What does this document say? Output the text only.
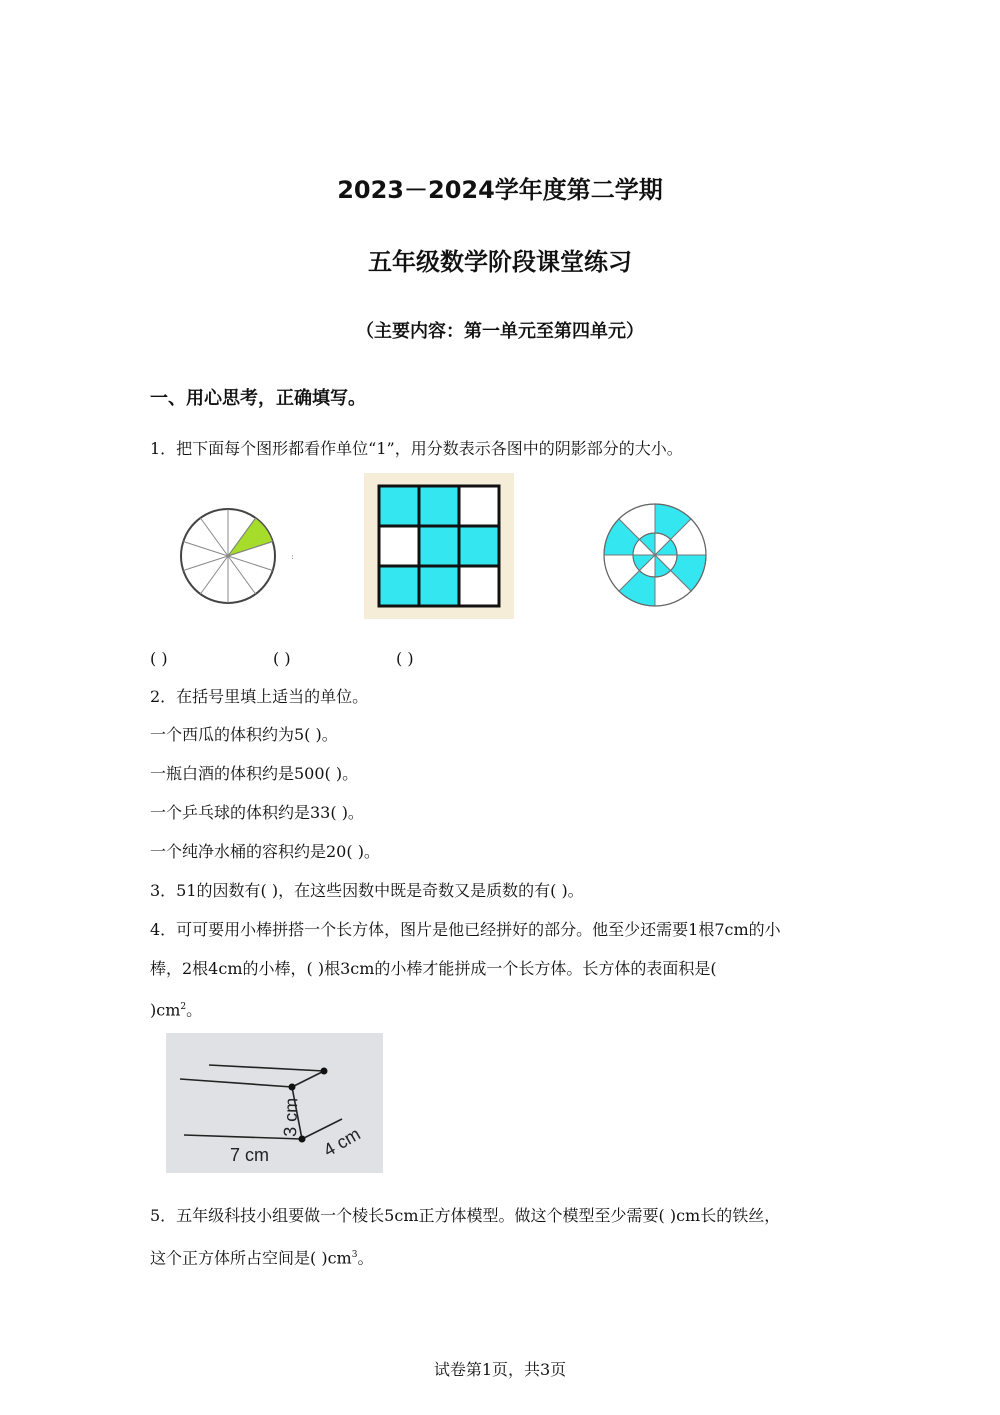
2023－2024学年度第二学期
五年级数学阶段课堂练习
（主要内容：第一单元至第四单元）
一、用心思考，正确填写。
1．把下面每个图形都看作单位“1”，用分数表示各图中的阴影部分的大小。
:
( )	( )	( )
2．在括号里填上适当的单位。
一个西瓜的体积约为5( )。
一瓶白酒的体积约是500( )。
一个乒乓球的体积约是33( )。
一个纯净水桶的容积约是20( )。
3．51的因数有( )，在这些因数中既是奇数又是质数的有( )。
4．可可要用小棒拼搭一个长方体，图片是他已经拼好的部分。他至少还需要1根7cm的小
棒，2根4cm的小棒，( )根3cm的小棒才能拼成一个长方体。长方体的表面积是(
)$cm^2$。
7 cm	4 cm
3 cm
5．五年级科技小组要做一个棱长5cm正方体模型。做这个模型至少需要( )cm长的铁丝，
这个正方体所占空间是( )$cm^3$。
试卷第1页，共3页
